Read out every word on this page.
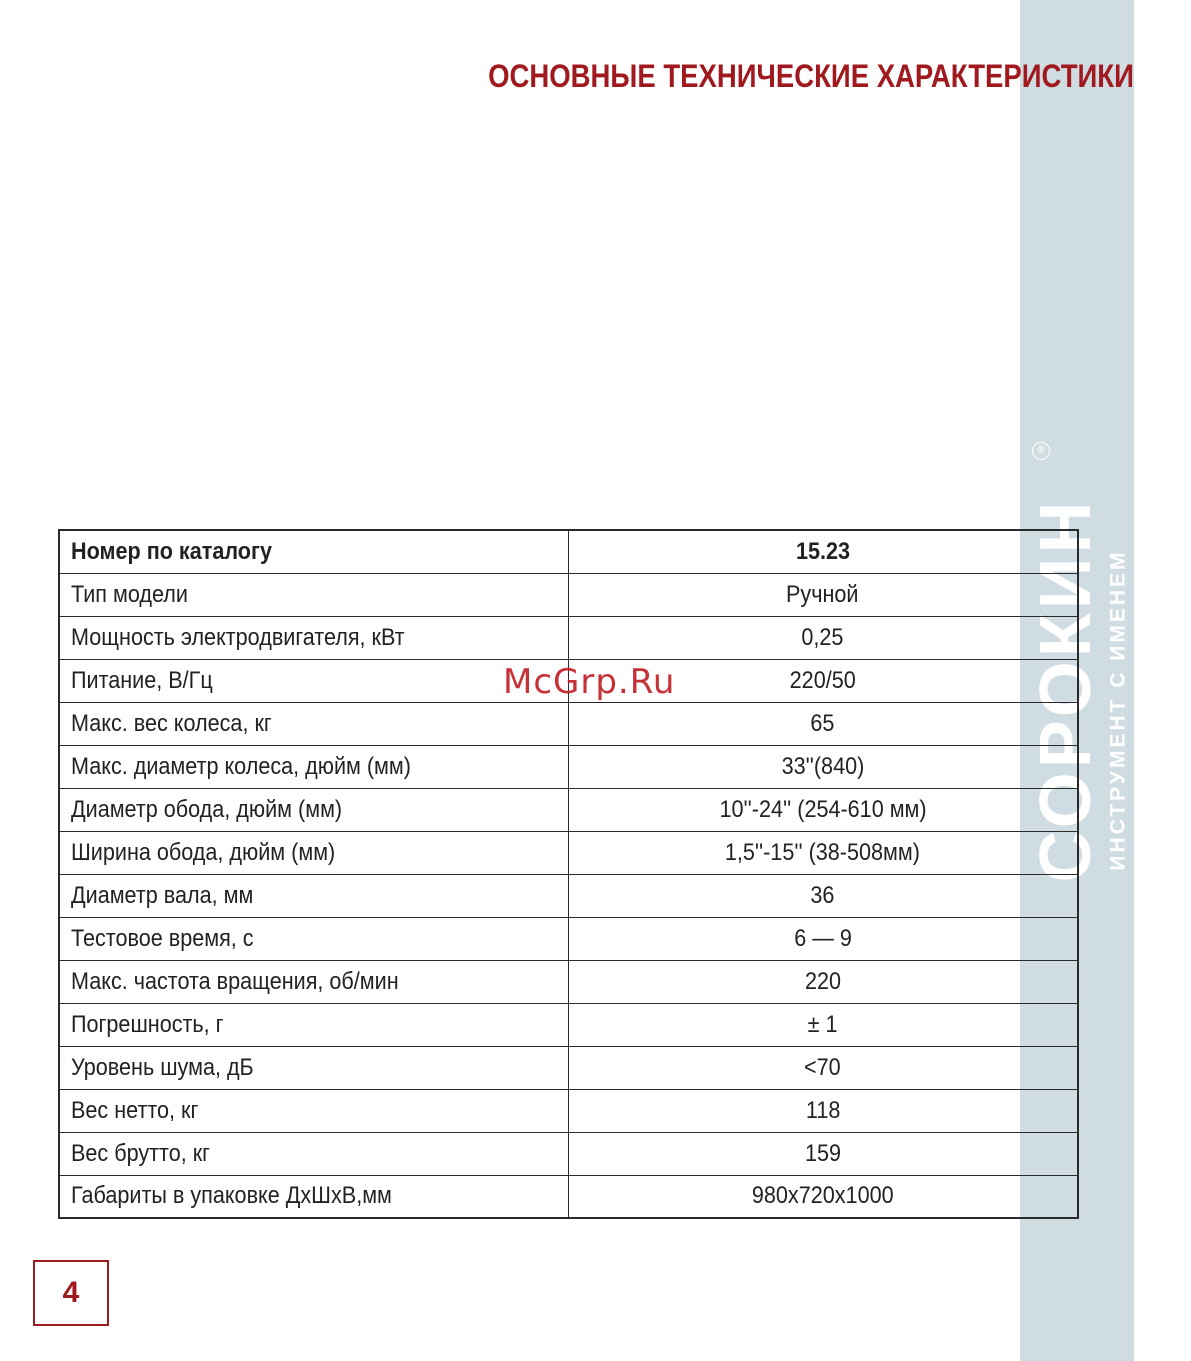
СОРОКИН ИНСТРУМЕНТ С ИМЕНЕМ
®
ОСНОВНЫЕ ТЕХНИЧЕСКИЕ ХАРАКТЕРИСТИКИ
Номер по каталогу	15.23
Тип модели	Ручной
Мощность электродвигателя, кВт	0,25
Питание, В/Гц	220/50
Макс. вес колеса, кг	65
Макс. диаметр колеса, дюйм (мм)	33''(840)
Диаметр обода, дюйм (мм)	10''-24'' (254-610 мм)
Ширина обода, дюйм (мм)	1,5''-15'' (38-508мм)
Диаметр вала, мм	36
Тестовое время, с	6 — 9
Макс. частота вращения, об/мин	220
Погрешность, г	± 1
Уровень шума, дБ	<70
Вес нетто, кг	118
Вес брутто, кг	159
Габариты в упаковке ДхШхВ,мм	980x720x1000
McGrp.Ru
4
